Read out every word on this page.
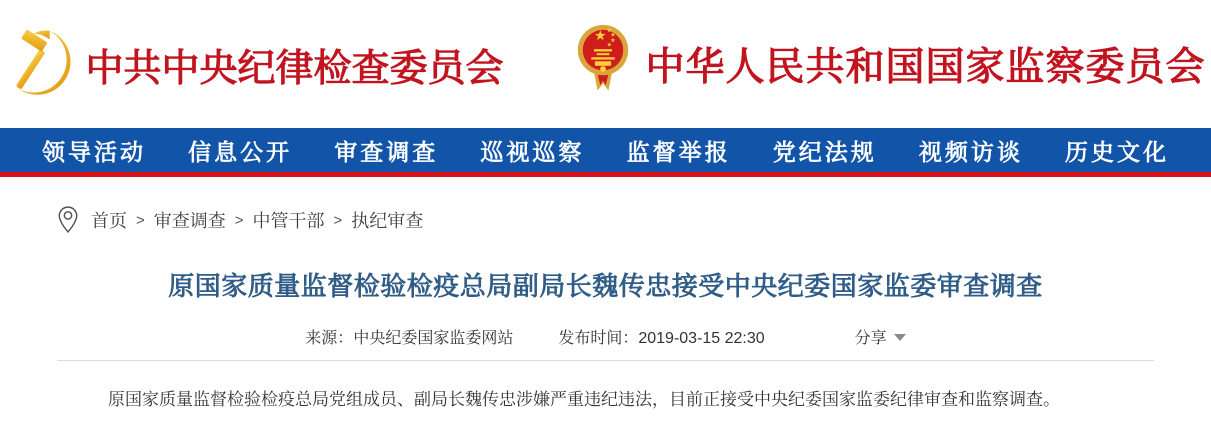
中共中央纪律检查委员会	中华人民共和国国家监察委员会
领导活动 信息公开 审查调查 巡视巡察 监督举报 党纪法规 视频访谈 历史文化
首页 > 审查调查 > 中管干部 > 执纪审查
原国家质量监督检验检疫总局副局长魏传忠接受中央纪委国家监委审查调查
来源：中央纪委国家监委网站	发布时间：2019-03-15 22:30	分享

原国家质量监督检验检疫总局党组成员、副局长魏传忠涉嫌严重违纪违法，目前正接受中央纪委国家监委纪律审查和监察调查。
